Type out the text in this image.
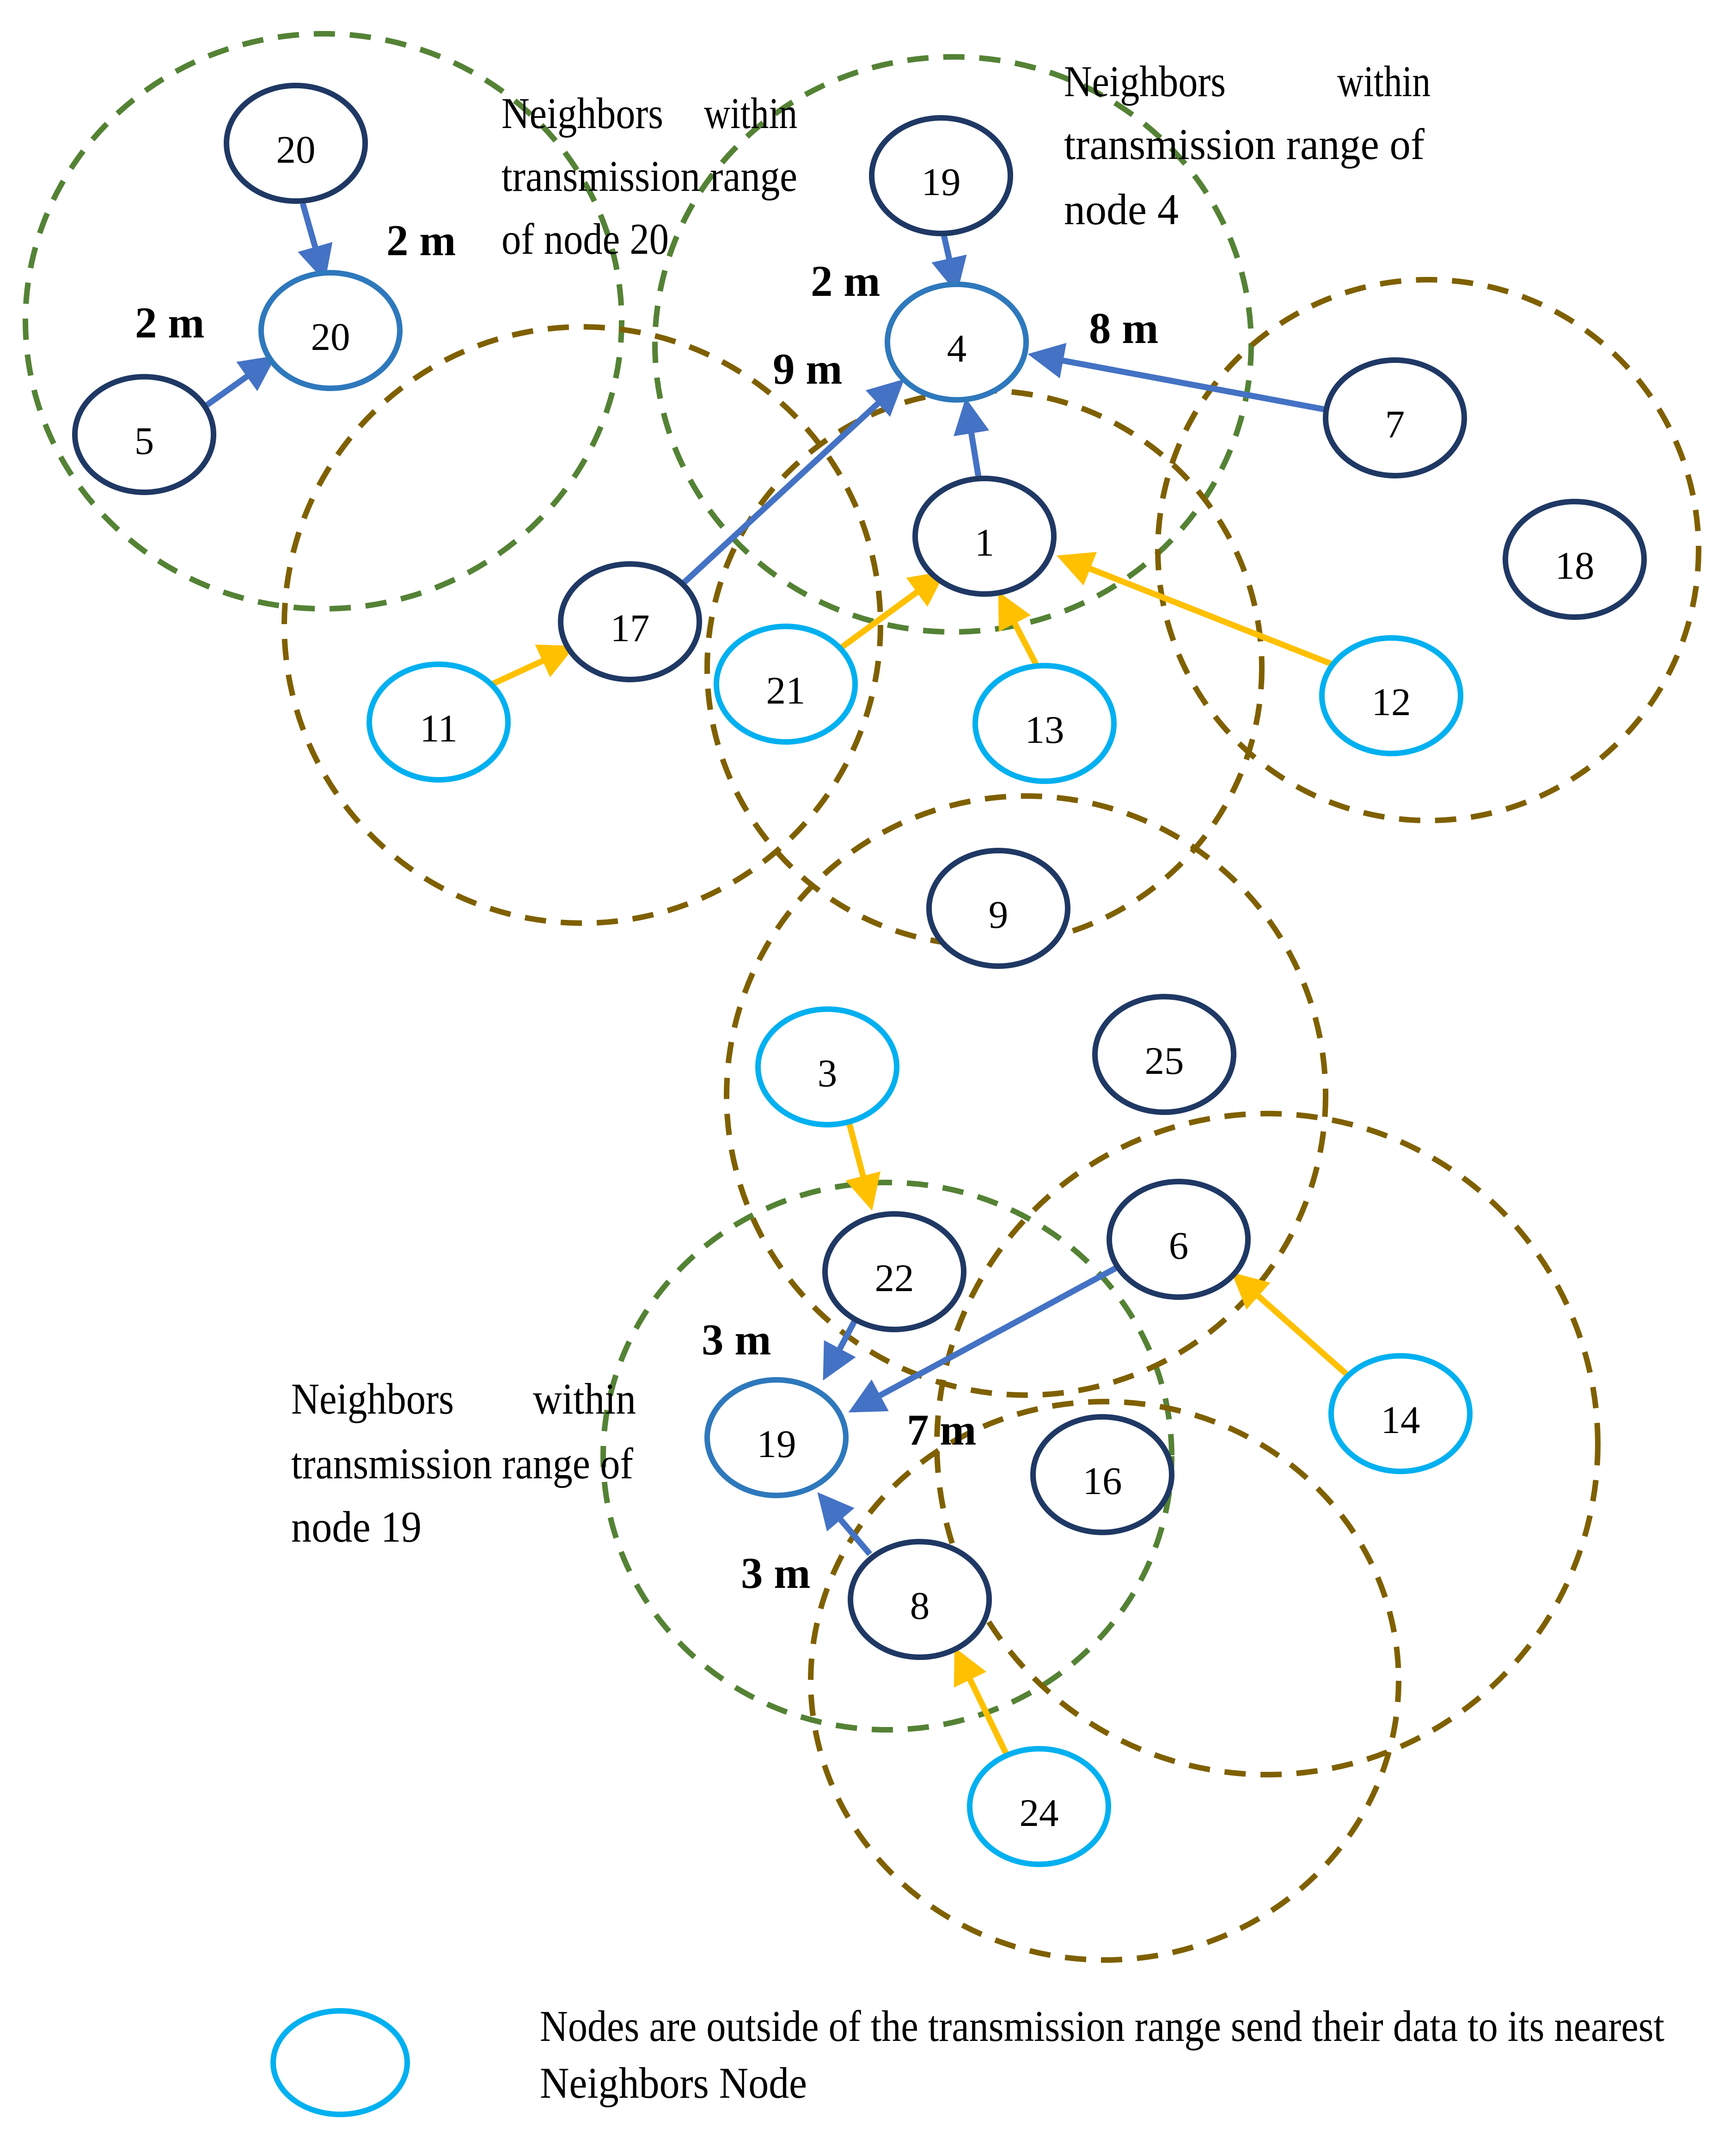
20
20
5
19
4
1
7
18
12
17
11
21
13
9
3	25
22
6
14
19
16
8
24
2 m
2 m
2 m
9 m
8 m
3 m
7 m
3 m
Neighbors within
transmission range
of node 20
Neighbors	within
transmission range of
node 4
Neighbors within
transmission range of
node 19
Nodes are outside of the transmission range send their data to its nearest
Neighbors Node
